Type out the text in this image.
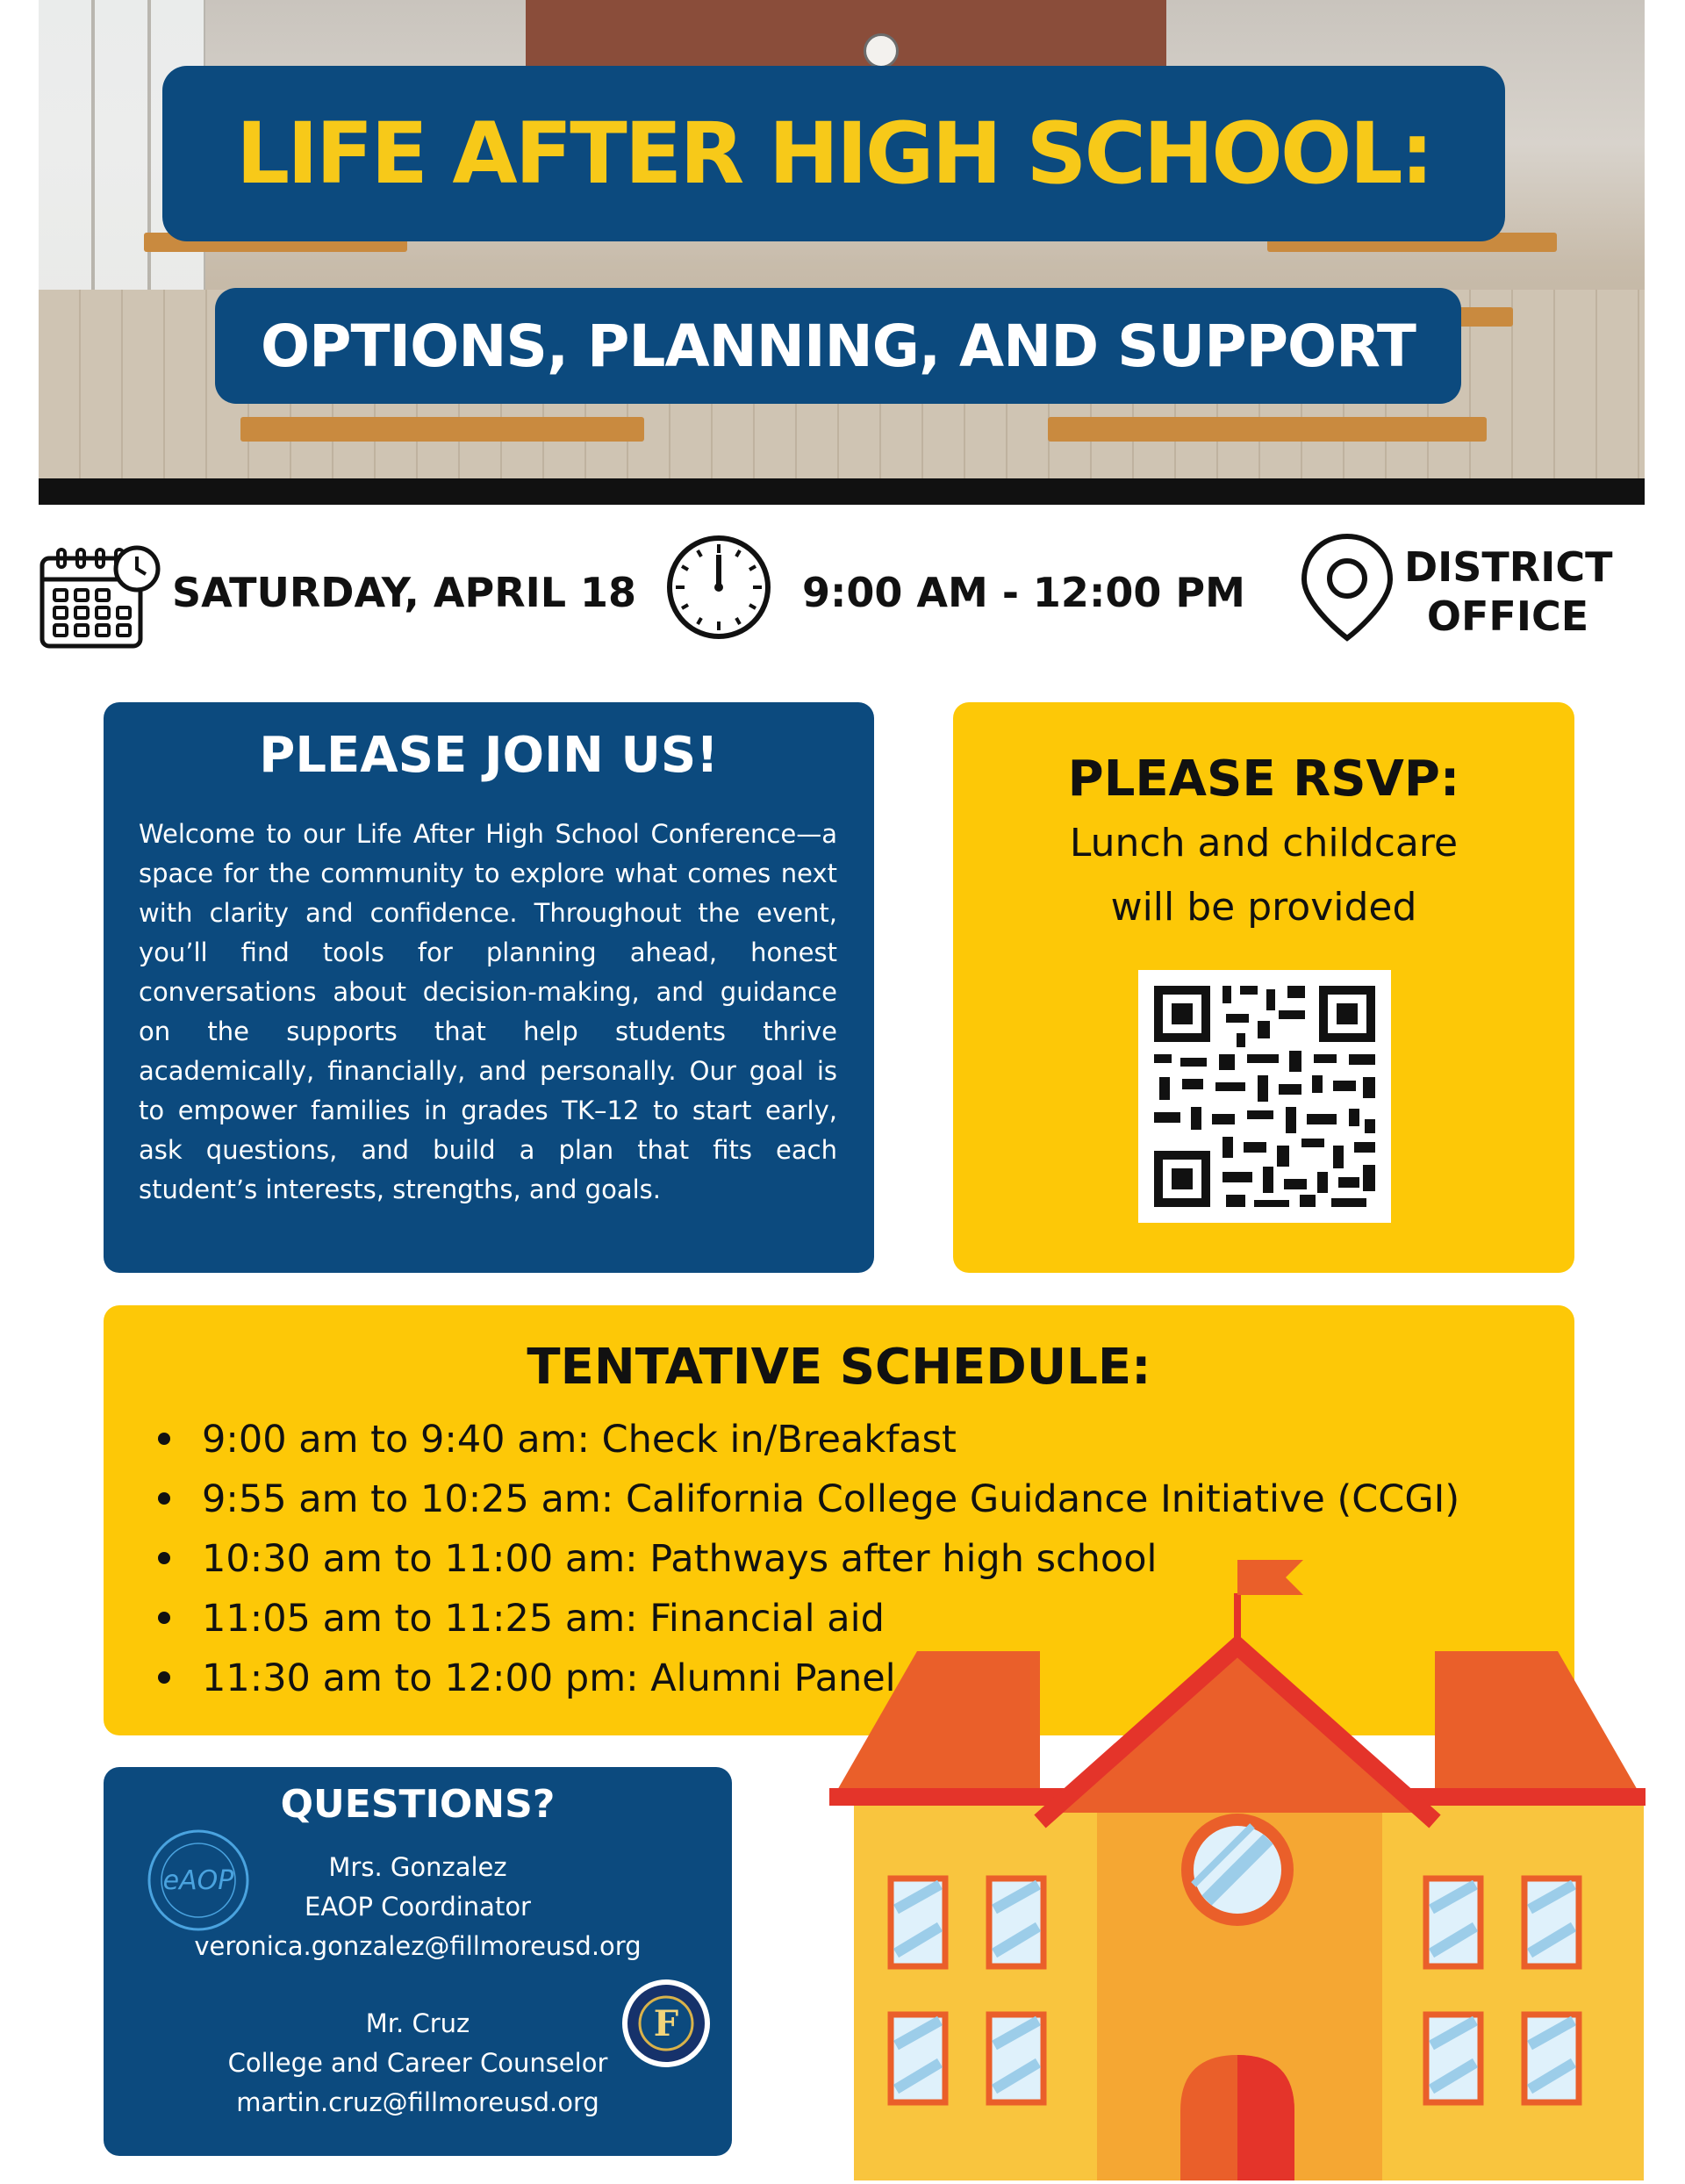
LIFE AFTER HIGH SCHOOL:
OPTIONS, PLANNING, AND SUPPORT
SATURDAY, APRIL 18	9:00 AM - 12:00 PM
DISTRICT
OFFICE
PLEASE JOIN US!
Welcome to our Life After High School Conference—a space for the community to explore what comes next with clarity and confidence. Throughout the event, you’ll find tools for planning ahead, honest conversations about decision-making, and guidance on the supports that help students thrive academically, financially, and personally. Our goal is to empower families in grades TK–12 to start early, ask questions, and build a plan that fits each student’s interests, strengths, and goals.
PLEASE RSVP:
Lunch and childcare
will be provided
TENTATIVE SCHEDULE:
9:00 am to 9:40 am: Check in/Breakfast
9:55 am to 10:25 am: California College Guidance Initiative (CCGI)
10:30 am to 11:00 am: Pathways after high school
11:05 am to 11:25 am: Financial aid
11:30 am to 12:00 pm: Alumni Panel
QUESTIONS?
Mrs. Gonzalez
EAOP Coordinator
veronica.gonzalez@fillmoreusd.org
Mr. Cruz
College and Career Counselor
martin.cruz@fillmoreusd.org
eAOP
F
